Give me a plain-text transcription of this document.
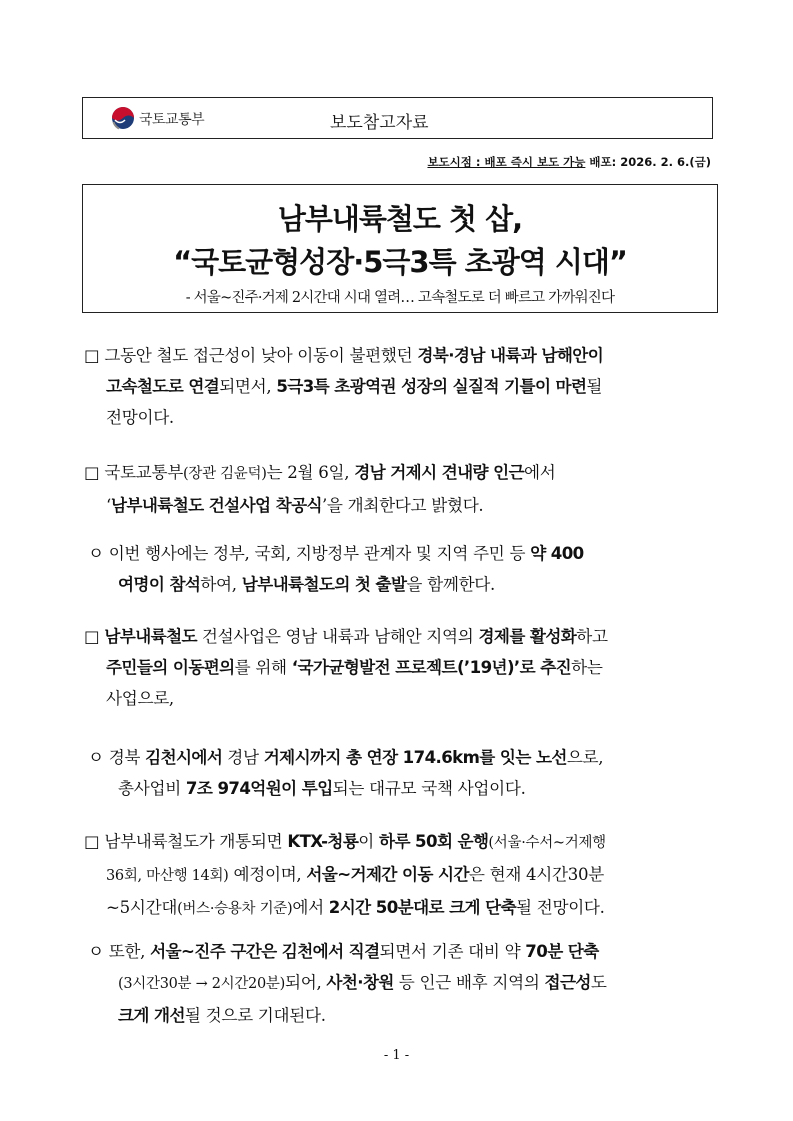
국토교통부	보도참고자료
보도시점 : 배포 즉시 보도 가능 배포: 2026. 2. 6.(금)
남부내륙철도 첫 삽,
“국토균형성장·5극3특 초광역 시대”
- 서울~진주·거제 2시간대 시대 열려… 고속철도로 더 빠르고 가까워진다
□ 그동안 철도 접근성이 낮아 이동이 불편했던 경북·경남 내륙과 남해안이
고속철도로 연결되면서, 5극3특 초광역권 성장의 실질적 기틀이 마련될
전망이다.
□ 국토교통부(장관 김윤덕)는 2월 6일, 경남 거제시 견내량 인근에서
‘남부내륙철도 건설사업 착공식’을 개최한다고 밝혔다.
ㅇ 이번 행사에는 정부, 국회, 지방정부 관계자 및 지역 주민 등 약 400
여명이 참석하여, 남부내륙철도의 첫 출발을 함께한다.
□ 남부내륙철도 건설사업은 영남 내륙과 남해안 지역의 경제를 활성화하고
주민들의 이동편의를 위해 ‘국가균형발전 프로젝트(’19년)’로 추진하는
사업으로,
ㅇ 경북 김천시에서 경남 거제시까지 총 연장 174.6km를 잇는 노선으로,
총사업비 7조 974억원이 투입되는 대규모 국책 사업이다.
□ 남부내륙철도가 개통되면 KTX-청룡이 하루 50회 운행(서울·수서~거제행
36회, 마산행 14회) 예정이며, 서울~거제간 이동 시간은 현재 4시간30분
~5시간대(버스·승용차 기준)에서 2시간 50분대로 크게 단축될 전망이다.
ㅇ 또한, 서울~진주 구간은 김천에서 직결되면서 기존 대비 약 70분 단축
(3시간30분 → 2시간20분)되어, 사천·창원 등 인근 배후 지역의 접근성도
크게 개선될 것으로 기대된다.
- 1 -
